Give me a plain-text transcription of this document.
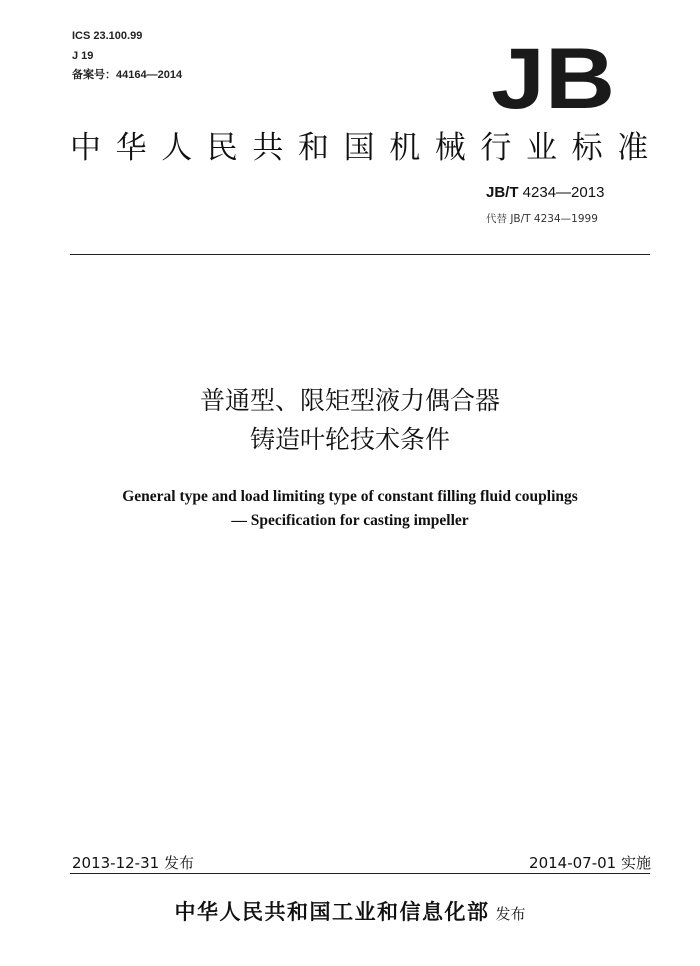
ICS 23.100.99
J 19
备案号：44164—2014	JB
中华人民共和国机械行业标准
JB/T 4234—2013
代替 JB/T 4234—1999
普通型、限矩型液力偶合器
铸造叶轮技术条件
General type and load limiting type of constant filling fluid couplings
— Specification for casting impeller
2013-12-31 发布	2014-07-01 实施
中华人民共和国工业和信息化部 发布
